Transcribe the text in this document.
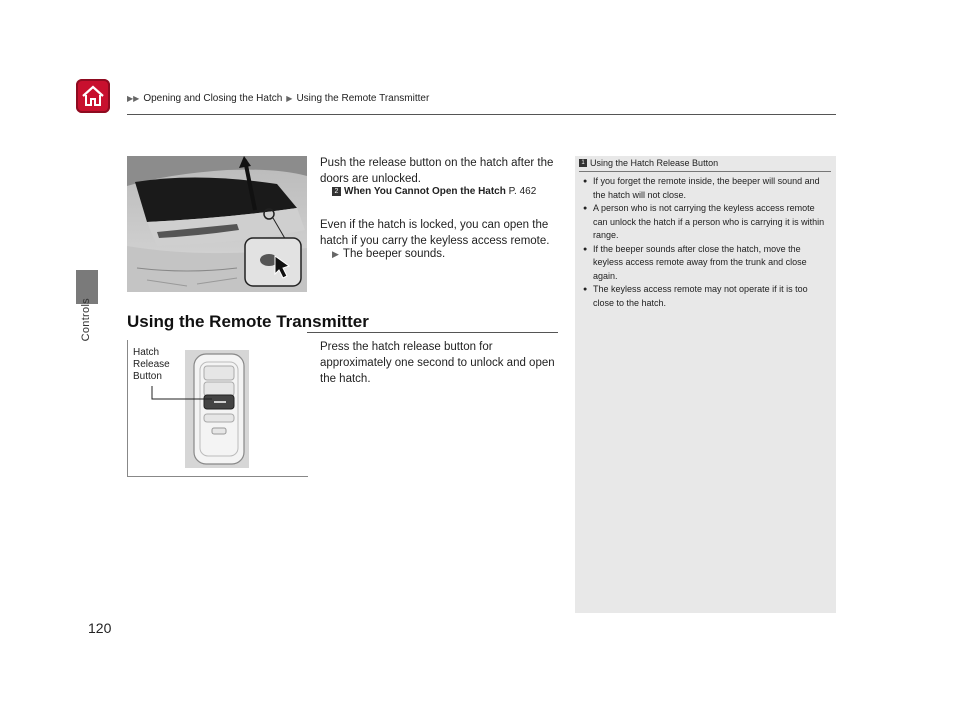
▶▶ Opening and Closing the Hatch ▶ Using the Remote Transmitter
Controls
120
Push the release button on the hatch after the doors are unlocked.
2 When You Cannot Open the Hatch P. 462
Even if the hatch is locked, you can open the hatch if you carry the keyless access remote.
▶ The beeper sounds.
Using the Remote Transmitter
Press the hatch release button for approximately one second to unlock and open the hatch.
Hatch
Release
Button
1 Using the Hatch Release Button
● If you forget the remote inside, the beeper will sound and the hatch will not close.
● A person who is not carrying the keyless access remote can unlock the hatch if a person who is carrying it is within range.
● If the beeper sounds after close the hatch, move the keyless access remote away from the trunk and close again.
● The keyless access remote may not operate if it is too close to the hatch.
